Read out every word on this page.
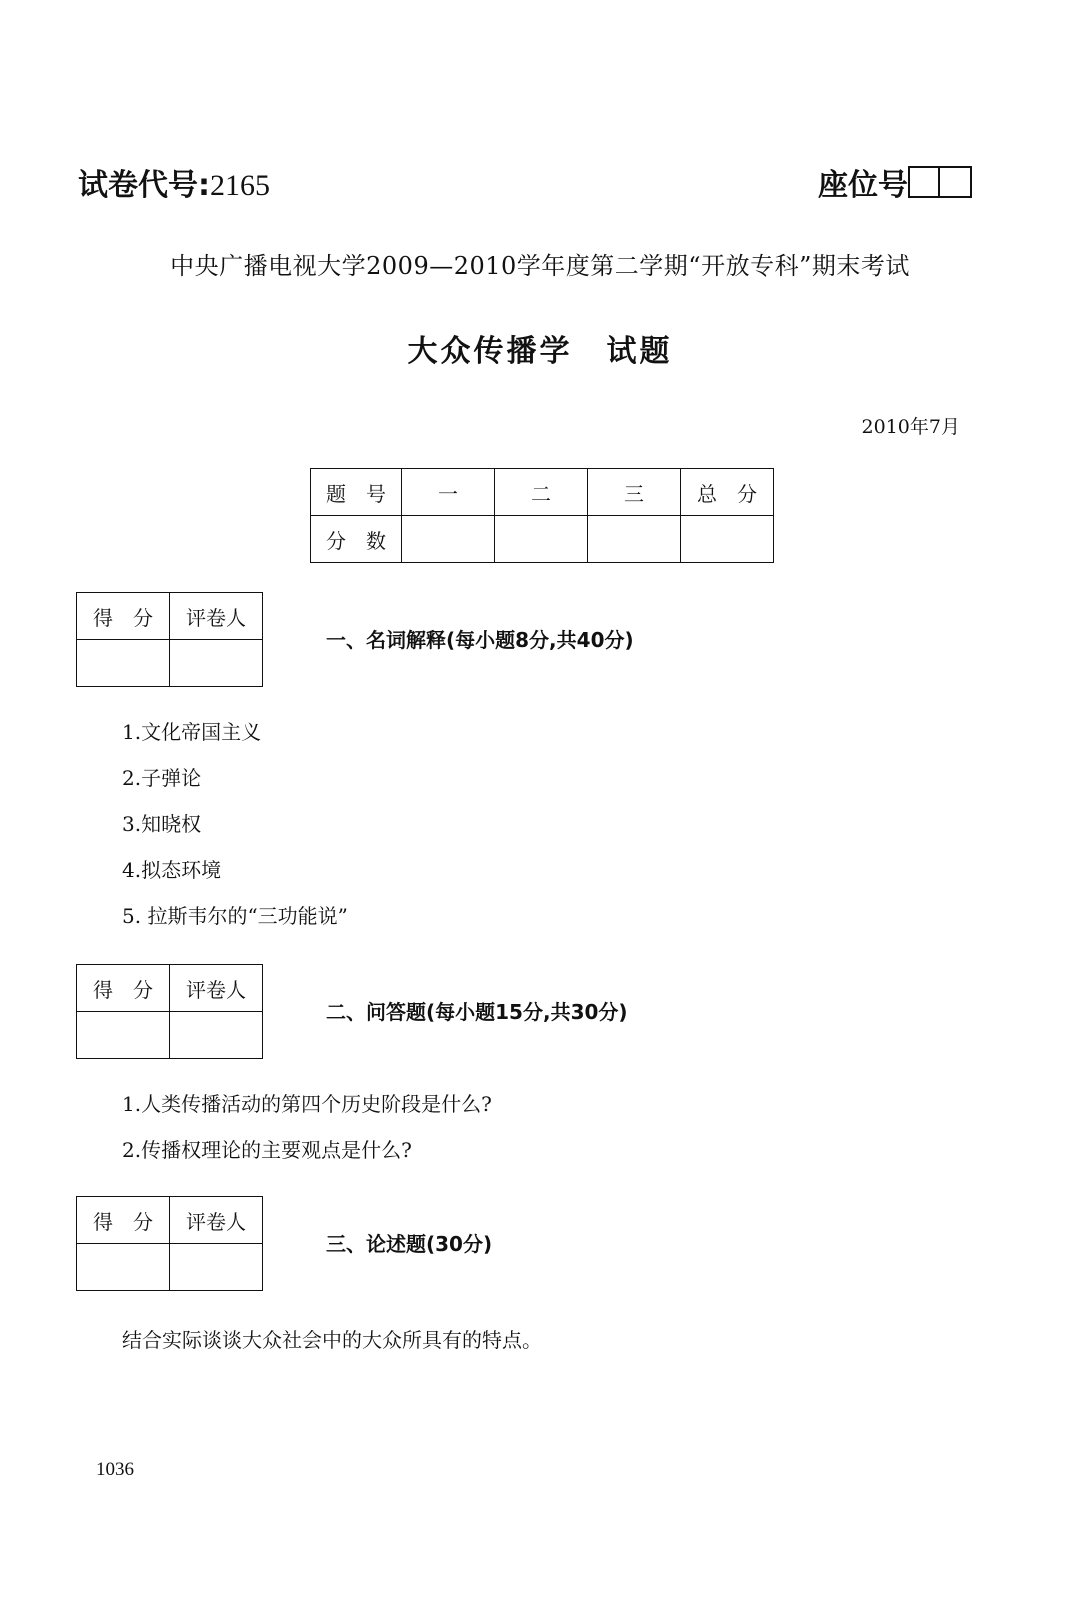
试卷代号:2165	座位号
中央广播电视大学2009—2010学年度第二学期“开放专科”期末考试
大众传播学 试题
2010年7月
题　号	一	二	三	总　分
分　数				
得　分	评卷人

一、名词解释(每小题8分,共40分)
1.文化帝国主义
2.子弹论
3.知晓权
4.拟态环境
5. 拉斯韦尔的“三功能说”
得　分	评卷人

二、问答题(每小题15分,共30分)
1.人类传播活动的第四个历史阶段是什么?
2.传播权理论的主要观点是什么?
得　分	评卷人

三、论述题(30分)
结合实际谈谈大众社会中的大众所具有的特点。
1036
